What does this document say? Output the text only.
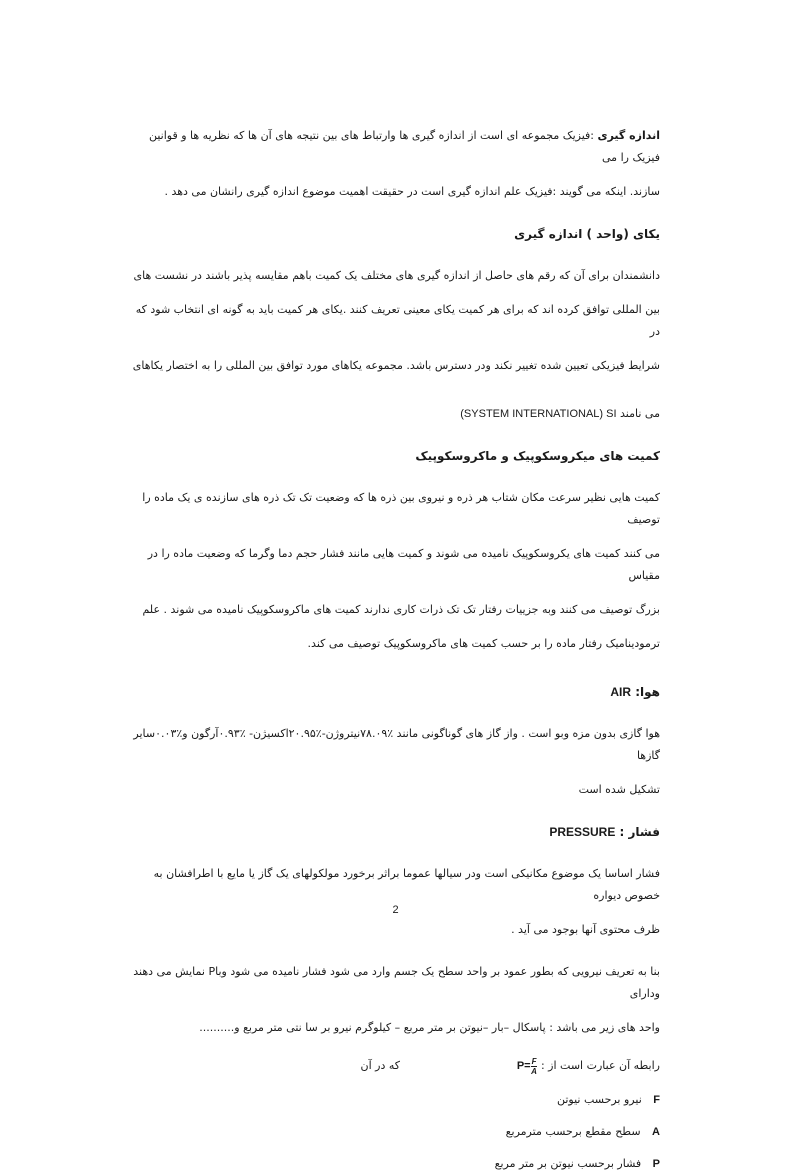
اندازه گیری :فیزیک مجموعه ای است از اندازه گیری ها وارتباط های بین نتیجه های آن ها که نظریه ها و قوانین فیزیک را می

سازند. اینکه می گویند :فیزیک علم اندازه گیری است در حقیقت اهمیت موضوع اندازه گیری رانشان می دهد .

یکای (واحد ) اندازه گیری

دانشمندان برای آن که رقم های حاصل از اندازه گیری های مختلف یک کمیت باهم مقایسه پذیر باشند در نشست های

بین المللی توافق کرده اند که برای هر کمیت یکای معینی تعریف کنند .یکای هر کمیت باید به گونه ای انتخاب شود که در

شرایط فیزیکی تعیین شده تغییر نکند ودر دسترس باشد. مجموعه یکاهای مورد توافق بین المللی را به اختصار یکاهای

می نامند (SYSTEM INTERNATIONAL) SI

کمیت های میکروسکوپیک و ماکروسکوپیک

کمیت هایی نظیر سرعت مکان شتاب هر ذره و نیروی بین ذره ها که وضعیت تک تک ذره های سازنده ی یک ماده را توصیف

می کنند کمیت های یکروسکوپیک نامیده می شوند و کمیت هایی مانند فشار حجم دما وگرما که وضعیت ماده را در مقیاس

بزرگ توصیف می کنند وبه جزییات رفتار تک تک ذرات کاری ندارند کمیت های ماکروسکوپیک نامیده می شوند . علم

ترمودینامیک رفتار ماده را بر حسب کمیت های ماکروسکوپیک توصیف می کند.

هوا: AIR

هوا گازی بدون مزه وبو است . واز گاز های گوناگونی مانند ٪۷۸.۰۹نیتروژن-٪۲۰.۹۵اکسیژن- ٪۰.۹۳آرگون و٪۰.۰۳سایر گازها

تشکیل شده است

فشار : PRESSURE

فشار اساسا یک موضوع مکانیکی است ودر سیالها عموما براثر برخورد مولکولهای یک گاز یا مایع با اطرافشان به خصوص دیواره

ظرف محتوی آنها بوجود می آید .

بنا به تعریف نیرویی که بطور عمود بر واحد سطح یک جسم وارد می شود فشار نامیده می شود وباP نمایش می دهند ودارای

واحد های زیر می باشد : پاسکال –بار –نیوتن بر متر مربع – کیلوگرم نیرو بر سا نتی متر مربع و..........

رابطه آن عبارت است از : $P= \frac{F}{A}$
که در آن

F نیرو برحسب نیوتن

A سطح مقطع برحسب مترمربع

P فشار برحسب نیوتن بر متر مربع

2
